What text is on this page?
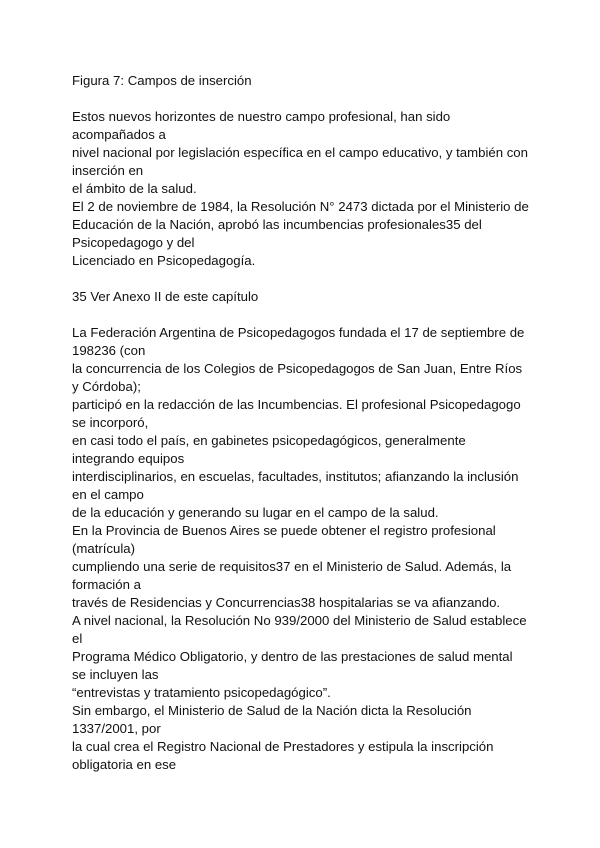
Figura 7: Campos de inserción
Estos nuevos horizontes de nuestro campo profesional, han sido
acompañados a
nivel nacional por legislación específica en el campo educativo, y también con
inserción en
el ámbito de la salud.
El 2 de noviembre de 1984, la Resolución N° 2473 dictada por el Ministerio de
Educación de la Nación, aprobó las incumbencias profesionales35 del
Psicopedagogo y del
Licenciado en Psicopedagogía.
35 Ver Anexo II de este capítulo
La Federación Argentina de Psicopedagogos fundada el 17 de septiembre de
198236 (con
la concurrencia de los Colegios de Psicopedagogos de San Juan, Entre Ríos
y Córdoba);
participó en la redacción de las Incumbencias. El profesional Psicopedagogo
se incorporó,
en casi todo el país, en gabinetes psicopedagógicos, generalmente
integrando equipos
interdisciplinarios, en escuelas, facultades, institutos; afianzando la inclusión
en el campo
de la educación y generando su lugar en el campo de la salud.
En la Provincia de Buenos Aires se puede obtener el registro profesional
(matrícula)
cumpliendo una serie de requisitos37 en el Ministerio de Salud. Además, la
formación a
través de Residencias y Concurrencias38 hospitalarias se va afianzando.
A nivel nacional, la Resolución No 939/2000 del Ministerio de Salud establece
el
Programa Médico Obligatorio, y dentro de las prestaciones de salud mental
se incluyen las
“entrevistas y tratamiento psicopedagógico”.
Sin embargo, el Ministerio de Salud de la Nación dicta la Resolución
1337/2001, por
la cual crea el Registro Nacional de Prestadores y estipula la inscripción
obligatoria en ese
